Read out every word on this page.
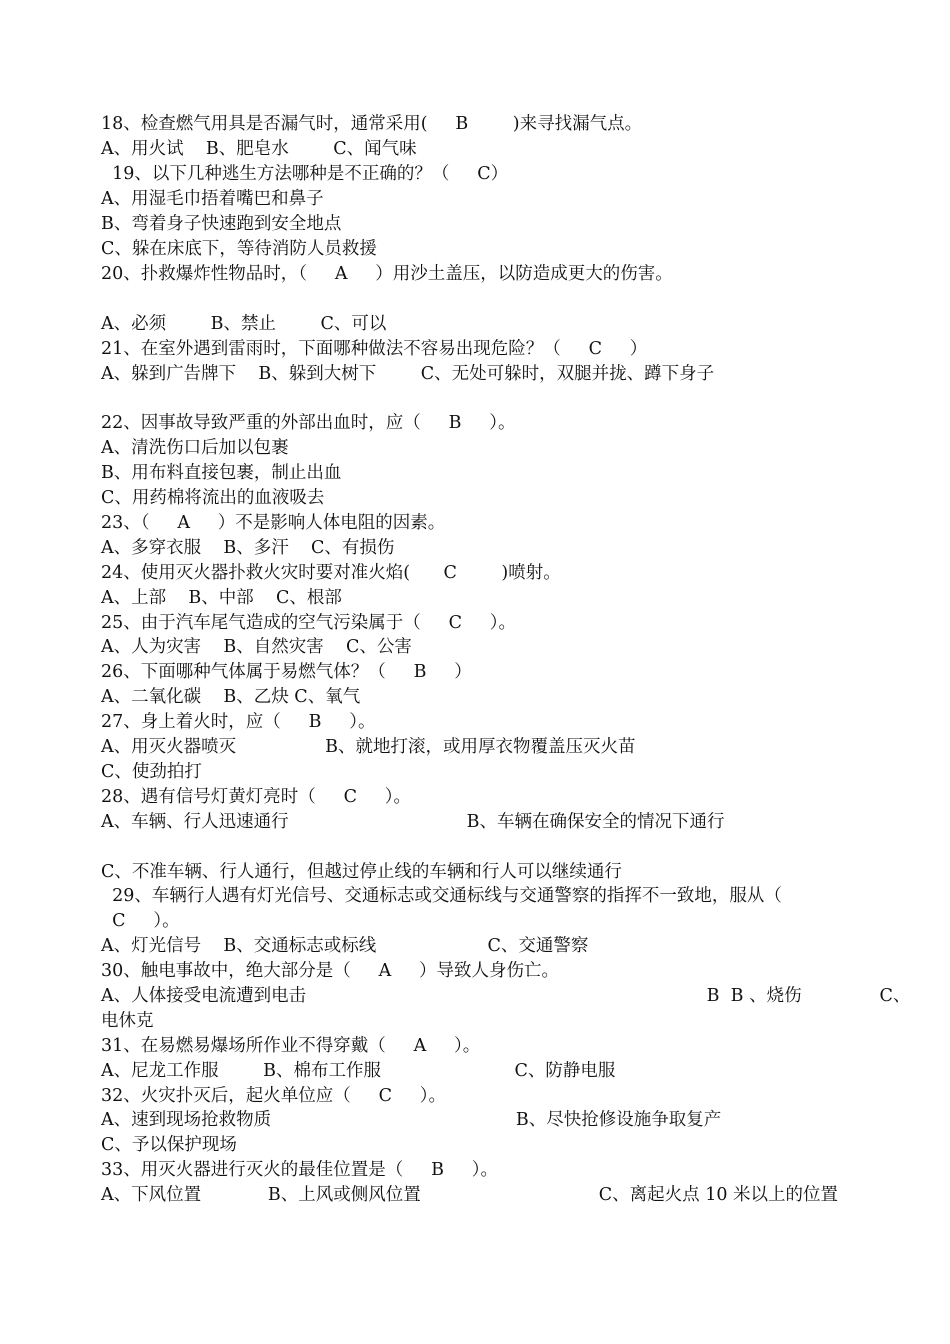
18、检查燃气用具是否漏气时，通常采用(     B        )来寻找漏气点。
A、用火试    B、肥皂水        C、闻气味
19、以下几种逃生方法哪种是不正确的？（     C）
A、用湿毛巾捂着嘴巴和鼻子
B、弯着身子快速跑到安全地点
C、躲在床底下，等待消防人员救援
20、扑救爆炸性物品时，（     A     ）用沙土盖压，以防造成更大的伤害。
A、必须        B、禁止        C、可以
21、在室外遇到雷雨时，下面哪种做法不容易出现危险？（     C     ）
A、躲到广告牌下    B、躲到大树下        C、无处可躲时，双腿并拢、蹲下身子
22、因事故导致严重的外部出血时，应（     B     ）。
A、清洗伤口后加以包裹
B、用布料直接包裹，制止出血
C、用药棉将流出的血液吸去
23、（     A     ）不是影响人体电阻的因素。
A、多穿衣服    B、多汗    C、有损伤
24、使用灭火器扑救火灾时要对准火焰(      C        )喷射。
A、上部    B、中部    C、根部
25、由于汽车尾气造成的空气污染属于（     C     ）。
A、人为灾害    B、自然灾害    C、公害
26、下面哪种气体属于易燃气体？（     B     ）
A、二氧化碳    B、乙炔 C、氧气
27、身上着火时，应（     B     ）。
A、用灭火器喷灭                B、就地打滚，或用厚衣物覆盖压灭火苗
C、使劲拍打
28、遇有信号灯黄灯亮时（     C     ）。
A、车辆、行人迅速通行                                B、车辆在确保安全的情况下通行
C、不准车辆、行人通行，但越过停止线的车辆和行人可以继续通行
29、车辆行人遇有灯光信号、交通标志或交通标线与交通警察的指挥不一致地，服从（
C     ）。
A、灯光信号    B、交通标志或标线                    C、交通警察
30、触电事故中，绝大部分是（     A     ）导致人身伤亡。
A、人体接受电流遭到电击                                                                        B  B 、烧伤              C、
电休克
31、在易燃易爆场所作业不得穿戴（     A     ）。
A、尼龙工作服        B、棉布工作服                        C、防静电服
32、火灾扑灭后，起火单位应（     C     ）。
A、速到现场抢救物质                                            B、尽快抢修设施争取复产
C、予以保护现场
33、用灭火器进行灭火的最佳位置是（     B     ）。
A、下风位置            B、上风或侧风位置                                C、离起火点 10 米以上的位置
